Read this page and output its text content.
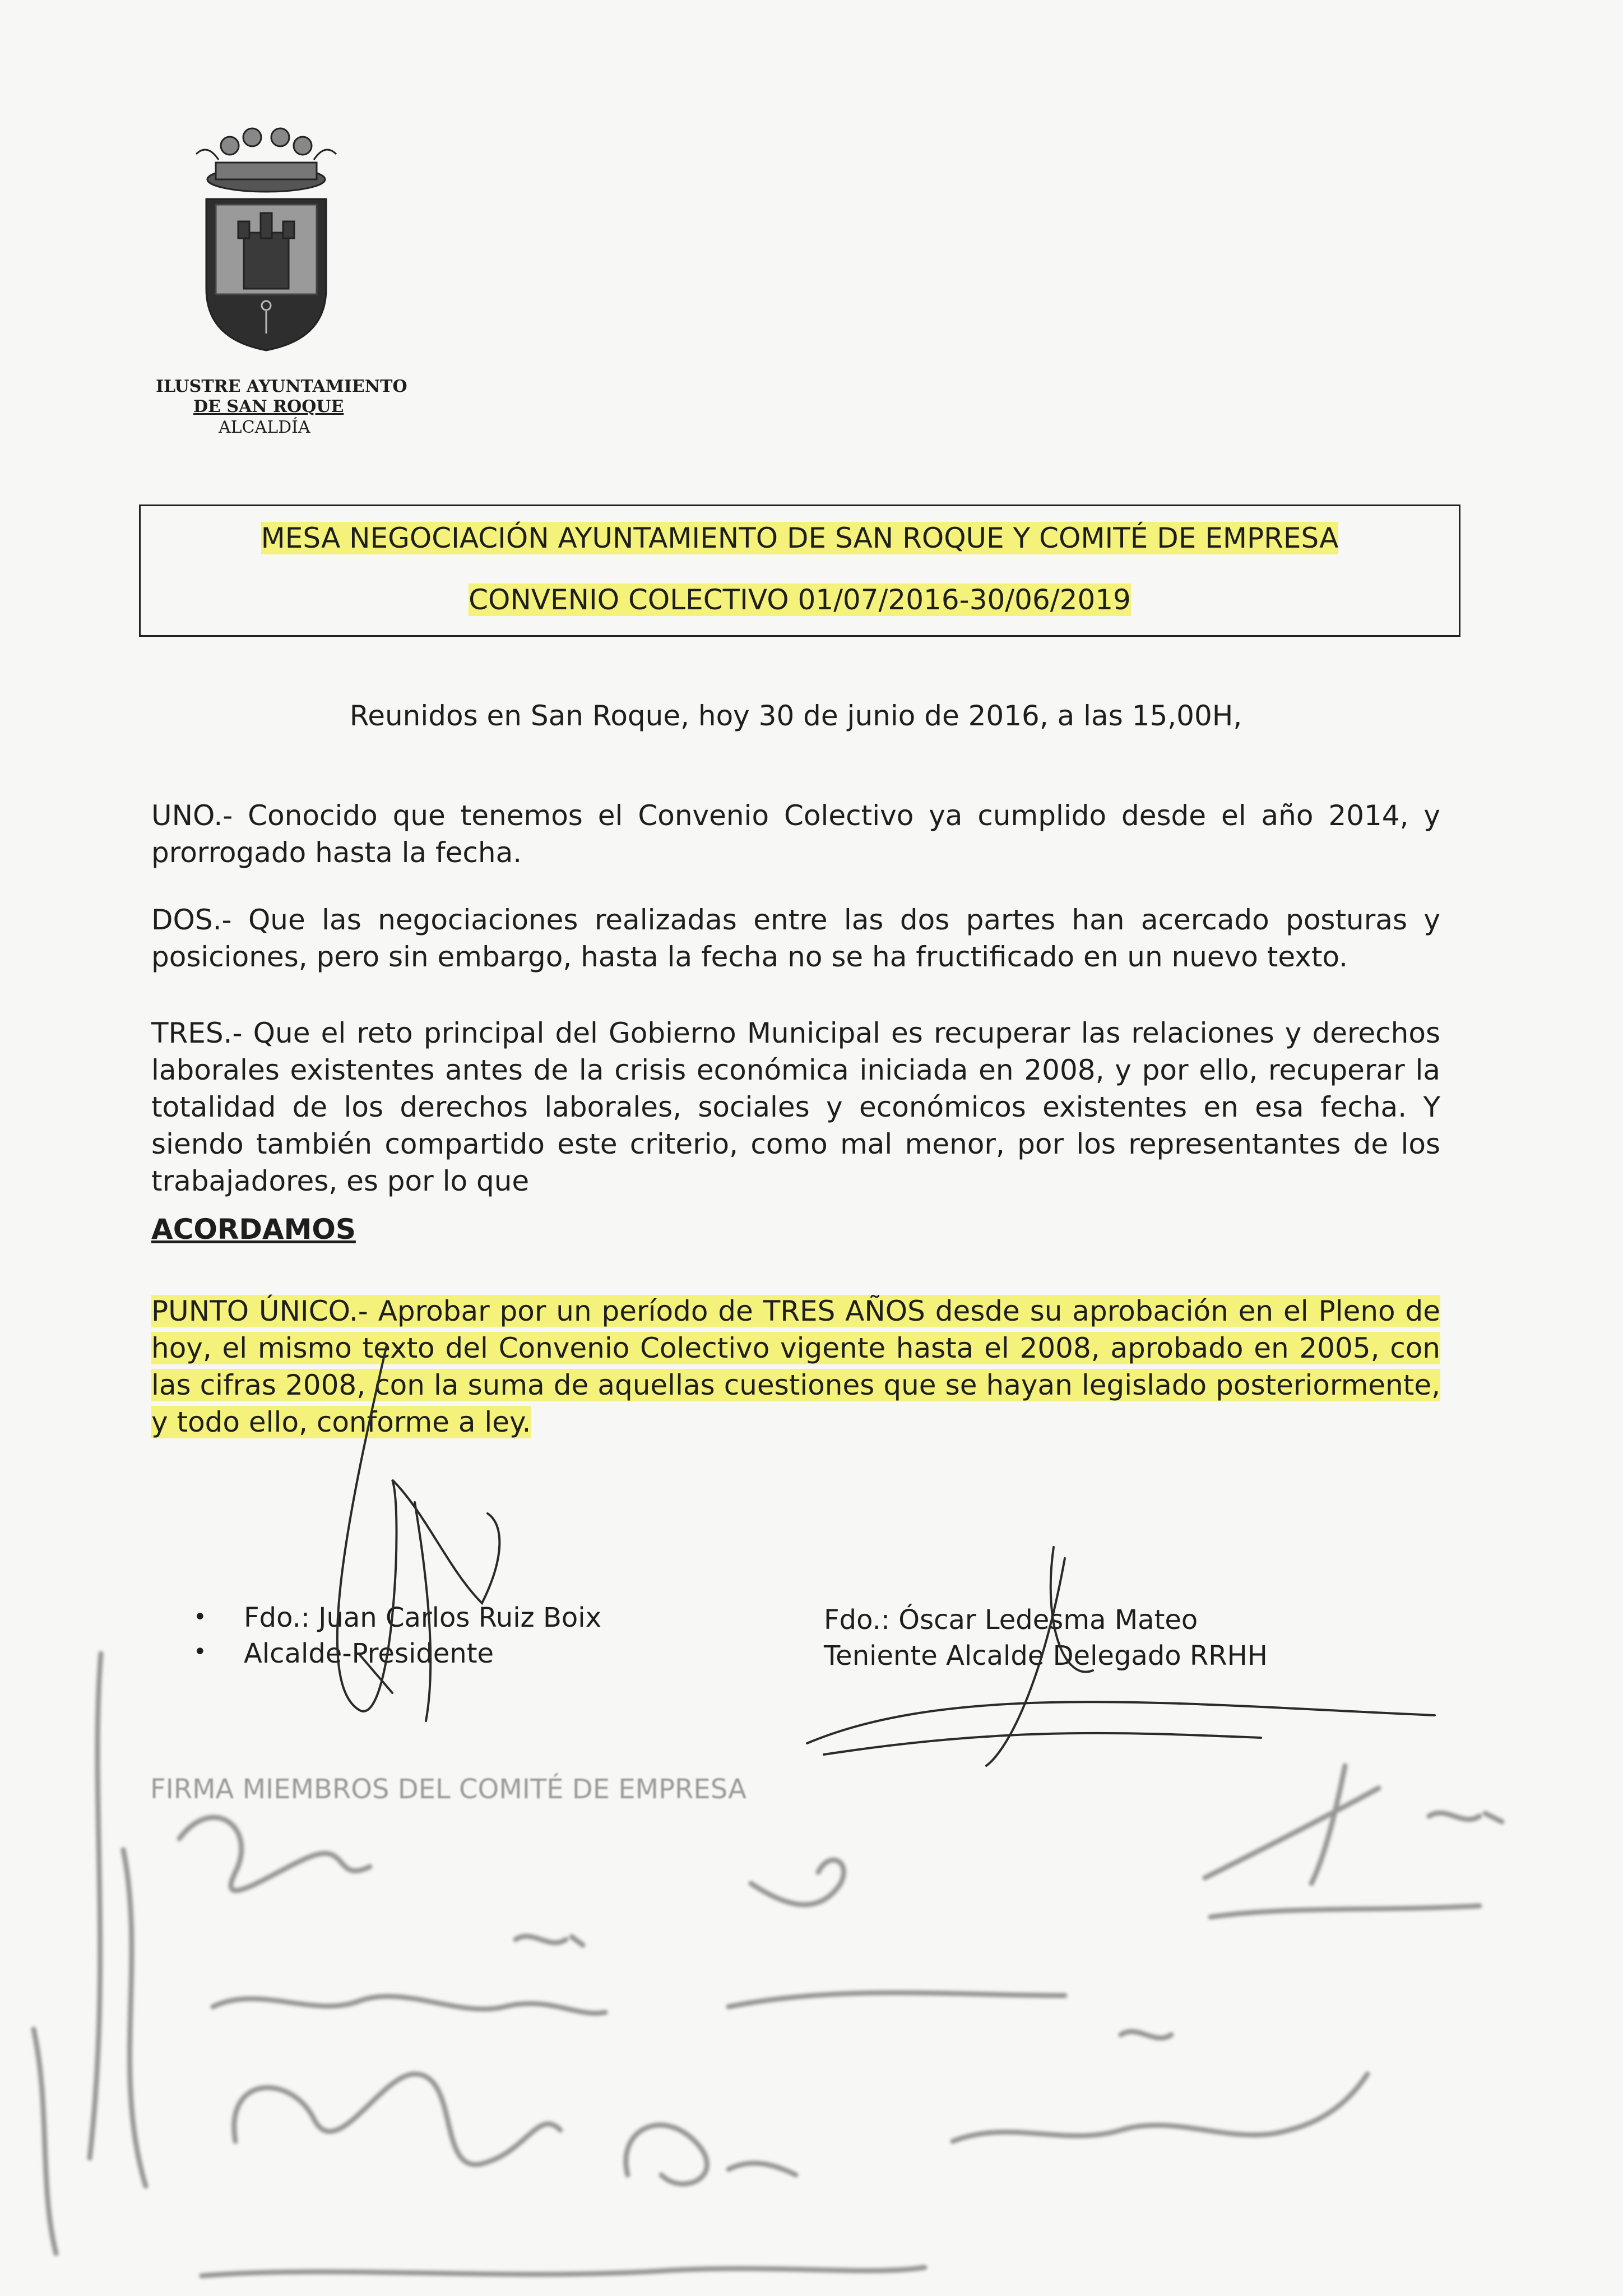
ILUSTRE AYUNTAMIENTO
DE SAN ROQUE
ALCALDÍA
MESA NEGOCIACIÓN AYUNTAMIENTO DE SAN ROQUE Y COMITÉ DE EMPRESA
CONVENIO COLECTIVO 01/07/2016-30/06/2019
Reunidos en San Roque, hoy 30 de junio de 2016, a las 15,00H,
UNO.- Conocido que tenemos el Convenio Colectivo ya cumplido desde el año 2014, y prorrogado hasta la fecha.
DOS.- Que las negociaciones realizadas entre las dos partes han acercado posturas y posiciones, pero sin embargo, hasta la fecha no se ha fructificado en un nuevo texto.
TRES.- Que el reto principal del Gobierno Municipal es recuperar las relaciones y derechos laborales existentes antes de la crisis económica iniciada en 2008, y por ello, recuperar la totalidad de los derechos laborales, sociales y económicos existentes en esa fecha. Y siendo también compartido este criterio, como mal menor, por los representantes de los trabajadores, es por lo que
ACORDAMOS
PUNTO ÚNICO.- Aprobar por un período de TRES AÑOS desde su aprobación en el Pleno de hoy, el mismo texto del Convenio Colectivo vigente hasta el 2008, aprobado en 2005, con las cifras 2008, con la suma de aquellas cuestiones que se hayan legislado posteriormente, y todo ello, conforme a ley.
•
•
Fdo.: Juan Carlos Ruiz Boix
Alcalde-Presidente
Fdo.: Óscar Ledesma Mateo
Teniente Alcalde Delegado RRHH
FIRMA MIEMBROS DEL COMITÉ DE EMPRESA
